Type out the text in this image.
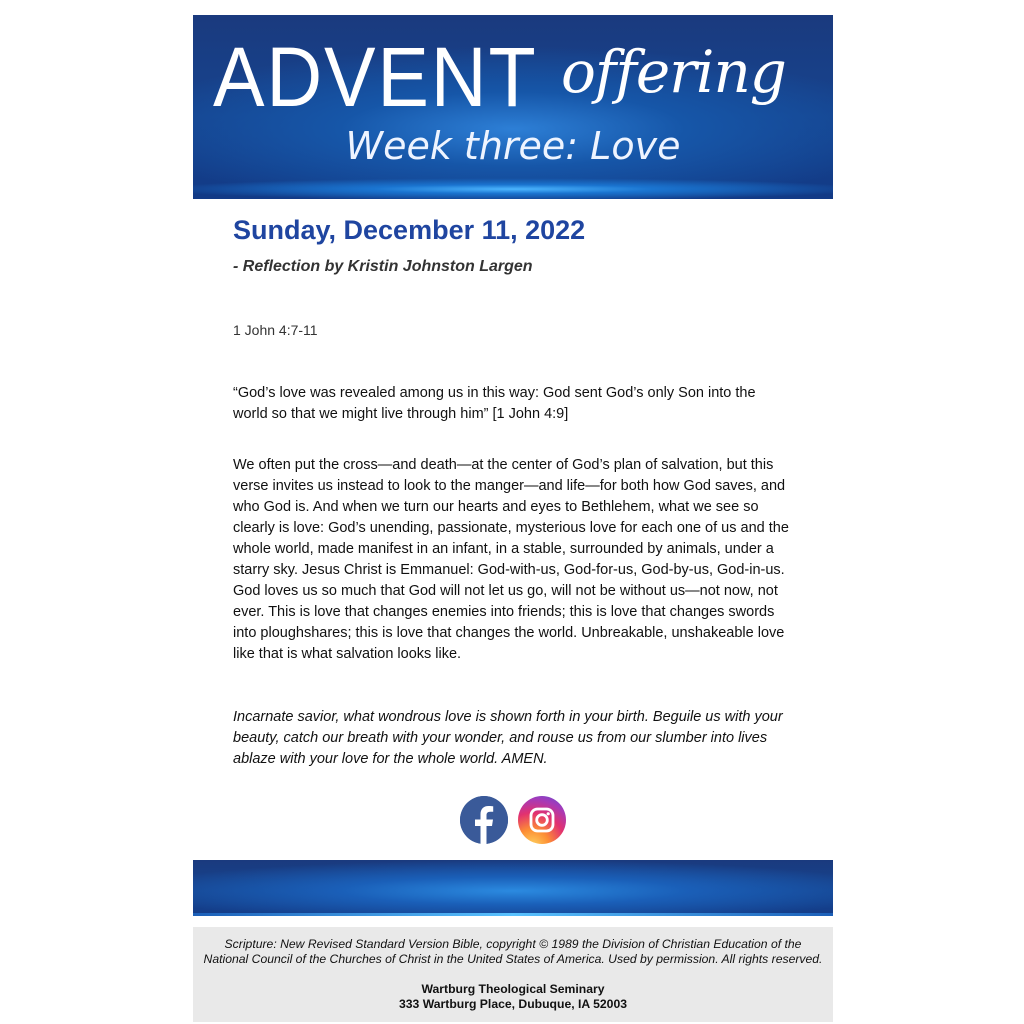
ADVENT offering
Week three: Love
Sunday, December 11, 2022

- Reflection by Kristin Johnston Largen

1 John 4:7-11

“God’s love was revealed among us in this way: God sent God’s only Son into the world so that we might live through him” [1 John 4:9]

We often put the cross—and death—at the center of God’s plan of salvation, but this verse invites us instead to look to the manger—and life—for both how God saves, and who God is. And when we turn our hearts and eyes to Bethlehem, what we see so clearly is love: God’s unending, passionate, mysterious love for each one of us and the whole world, made manifest in an infant, in a stable, surrounded by animals, under a starry sky. Jesus Christ is Emmanuel: God-with-us, God-for-us, God-by-us, God-in-us. God loves us so much that God will not let us go, will not be without us—not now, not ever. This is love that changes enemies into friends; this is love that changes swords into ploughshares; this is love that changes the world. Unbreakable, unshakeable love like that is what salvation looks like.

Incarnate savior, what wondrous love is shown forth in your birth. Beguile us with your beauty, catch our breath with your wonder, and rouse us from our slumber into lives ablaze with your love for the whole world. AMEN.

Scripture: New Revised Standard Version Bible, copyright © 1989 the Division of Christian Education of the
National Council of the Churches of Christ in the United States of America. Used by permission. All rights reserved.

Wartburg Theological Seminary
333 Wartburg Place, Dubuque, IA 52003
